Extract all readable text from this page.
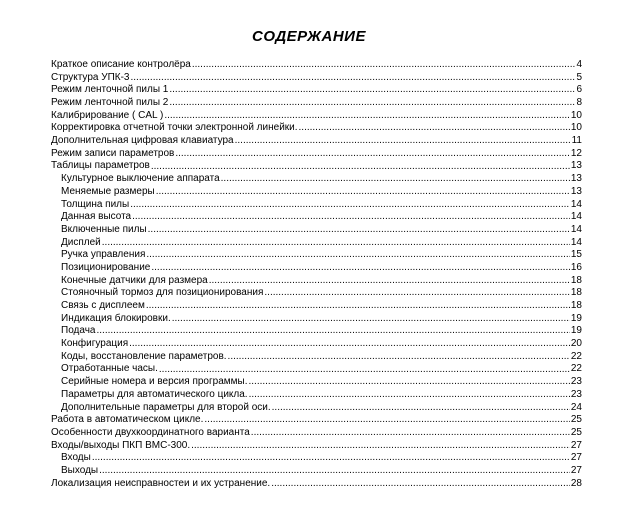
СОДЕРЖАНИЕ
Краткое описание контролёра .....	4
Структура УПК-3 .....	5
Режим ленточной пилы 1 .....	6
Режим ленточной пилы 2 .....	8
Калибрирование ( CAL ) .....	10
Корректировка отчетной точки электронной линейки. .....	10
Дополнительная цифровая клавиатура .....	11
Режим записи параметров .....	12
Таблицы параметров .....	13
Культурное выключение аппарата .....	13
Меняемые размеры .....	13
Толщина пилы .....	14
Данная высота .....	14
Включенные пилы .....	14
Дисплей .....	14
Ручка управления .....	15
Позиционирование .....	16
Конечные датчики для размера .....	18
Стояночный тормоз для позиционирования .....	18
Связь с дисплеем .....	18
Индикация блокировки. .....	19
Подача .....	19
Конфигурация .....	20
Коды, восстановление параметров. .....	22
Отработанные часы. .....	22
Серийные номера и версия программы. .....	23
Параметры для автоматического цикла. .....	23
Дополнительные параметры для второй оси. .....	24
Работа в автоматическом цикле. .....	25
Особенности двухкоординатного варианта .....	25
Входы/выходы ПКП ВМС-300. .....	27
Входы .....	27
Выходы .....	27
Локализация неисправностеи и их устранение. .....	28
